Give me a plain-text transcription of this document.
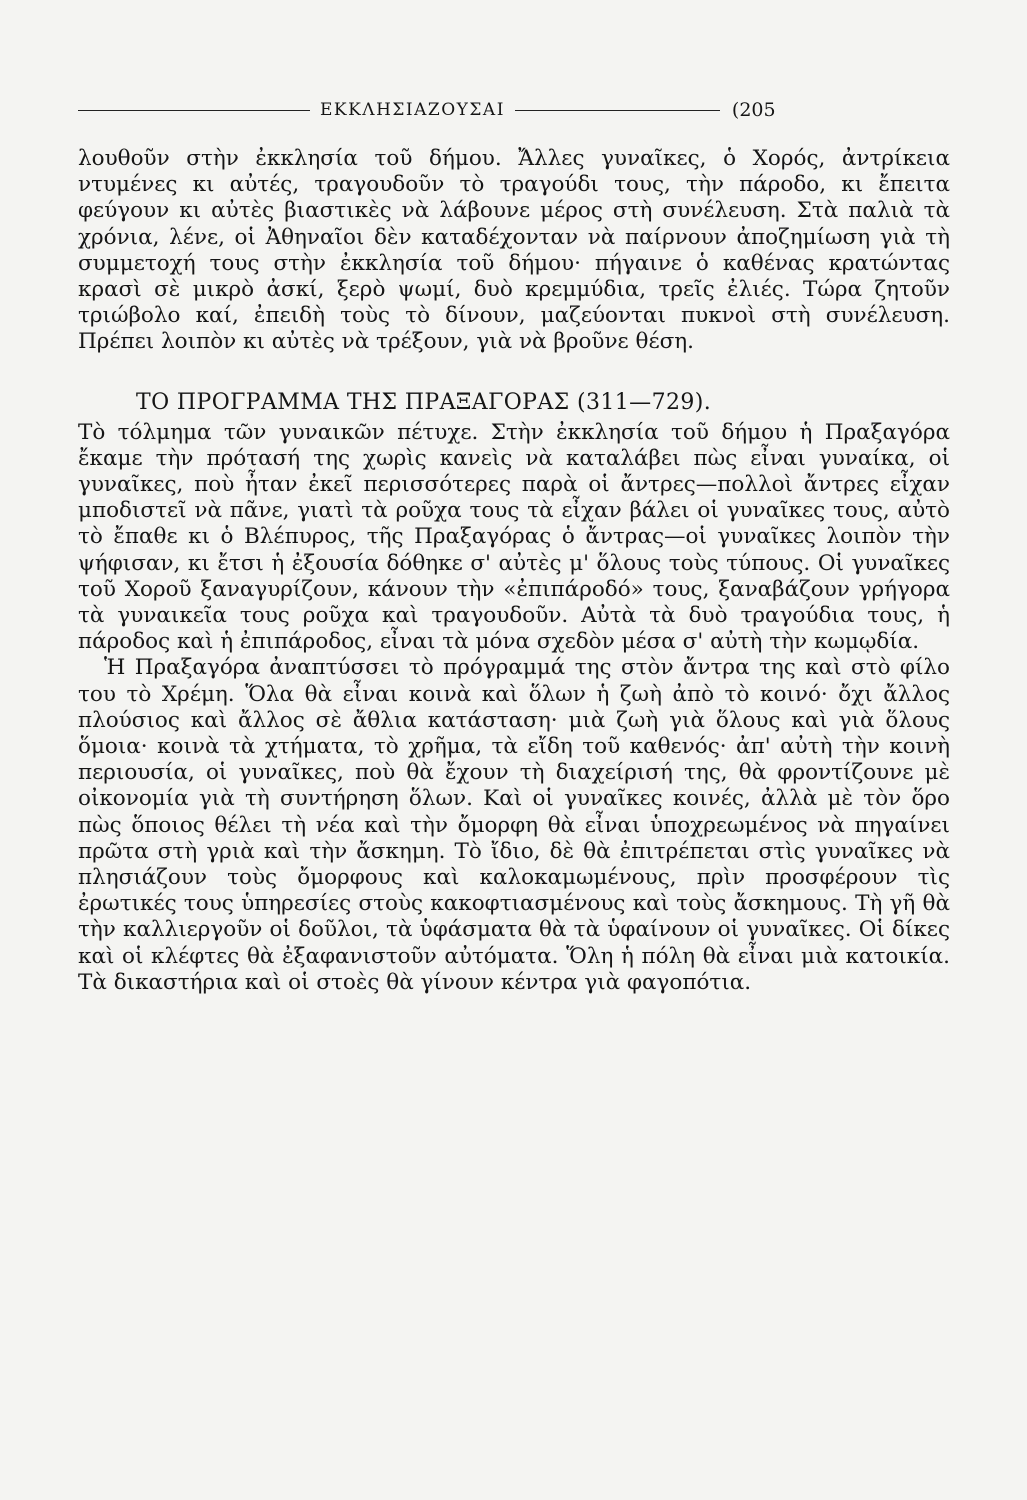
ΕΚΚΛΗΣΙΑΖΟΥΣΑΙ	(205

λουθοῦν στὴν ἐκκλησία τοῦ δήμου. Ἄλλες γυναῖκες, ὁ Χορός, ἀντρίκεια ντυμένες κι αὐτές, τραγουδοῦν τὸ τραγούδι τους, τὴν πάροδο, κι ἔπειτα φεύγουν κι αὐτὲς βιαστικὲς νὰ λάβουνε μέρος στὴ συνέλευση. Στὰ παλιὰ τὰ χρόνια, λένε, οἱ Ἀθηναῖοι δὲν καταδέχονταν νὰ παίρνουν ἀποζημίωση γιὰ τὴ συμμετοχή τους στὴν ἐκκλησία τοῦ δήμου· πήγαινε ὁ καθένας κρατώντας κρασὶ σὲ μικρὸ ἀσκί, ξερὸ ψωμί, δυὸ κρεμμύδια, τρεῖς ἐλιές. Τώρα ζητοῦν τριώβολο καί, ἐπειδὴ τοὺς τὸ δίνουν, μαζεύονται πυκνοὶ στὴ συνέλευση. Πρέπει λοιπὸν κι αὐτὲς νὰ τρέξουν, γιὰ νὰ βροῦνε θέση.

ΤΟ ΠΡΟΓΡΑΜΜΑ ΤΗΣ ΠΡΑΞΑΓΟΡΑΣ (311—729).

Τὸ τόλμημα τῶν γυναικῶν πέτυχε. Στὴν ἐκκλησία τοῦ δήμου ἡ Πραξαγόρα ἔκαμε τὴν πρότασή της χωρὶς κανεὶς νὰ καταλάβει πὼς εἶναι γυναίκα, οἱ γυναῖκες, ποὺ ἦταν ἐκεῖ περισσότερες παρὰ οἱ ἄντρες—πολλοὶ ἄντρες εἶχαν μποδιστεῖ νὰ πᾶνε, γιατὶ τὰ ροῦχα τους τὰ εἶχαν βάλει οἱ γυναῖκες τους, αὐτὸ τὸ ἔπαθε κι ὁ Βλέπυρος, τῆς Πραξαγόρας ὁ ἄντρας—οἱ γυναῖκες λοιπὸν τὴν ψήφισαν, κι ἔτσι ἡ ἐξουσία δόθηκε σ' αὐτὲς μ' ὅλους τοὺς τύπους. Οἱ γυναῖκες τοῦ Χοροῦ ξαναγυρίζουν, κάνουν τὴν «ἐπιπάροδό» τους, ξαναβάζουν γρήγορα τὰ γυναικεῖα τους ροῦχα καὶ τραγουδοῦν. Αὐτὰ τὰ δυὸ τραγούδια τους, ἡ πάροδος καὶ ἡ ἐπιπάροδος, εἶναι τὰ μόνα σχεδὸν μέσα σ' αὐτὴ τὴν κωμῳδία.

Ἡ Πραξαγόρα ἀναπτύσσει τὸ πρόγραμμά της στὸν ἄντρα της καὶ στὸ φίλο του τὸ Χρέμη. Ὅλα θὰ εἶναι κοινὰ καὶ ὅλων ἡ ζωὴ ἀπὸ τὸ κοινό· ὄχι ἄλλος πλούσιος καὶ ἄλλος σὲ ἄθλια κατάσταση· μιὰ ζωὴ γιὰ ὅλους καὶ γιὰ ὅλους ὅμοια· κοινὰ τὰ χτήματα, τὸ χρῆμα, τὰ εἴδη τοῦ καθενός· ἀπ' αὐτὴ τὴν κοινὴ περιουσία, οἱ γυναῖκες, ποὺ θὰ ἔχουν τὴ διαχείρισή της, θὰ φροντίζουνε μὲ οἰκονομία γιὰ τὴ συντήρηση ὅλων. Καὶ οἱ γυναῖκες κοινές, ἀλλὰ μὲ τὸν ὅρο πὼς ὅποιος θέλει τὴ νέα καὶ τὴν ὄμορφη θὰ εἶναι ὑποχρεωμένος νὰ πηγαίνει πρῶτα στὴ γριὰ καὶ τὴν ἄσκημη. Τὸ ἴδιο, δὲ θὰ ἐπιτρέπεται στὶς γυναῖκες νὰ πλησιάζουν τοὺς ὄμορφους καὶ καλοκαμωμένους, πρὶν προσφέρουν τὶς ἐρωτικές τους ὑπηρεσίες στοὺς κακοφτιασμένους καὶ τοὺς ἄσκημους. Τὴ γῆ θὰ τὴν καλλιεργοῦν οἱ δοῦλοι, τὰ ὑφάσματα θὰ τὰ ὑφαίνουν οἱ γυναῖκες. Οἱ δίκες καὶ οἱ κλέφτες θὰ ἐξαφανιστοῦν αὐτόματα. Ὅλη ἡ πόλη θὰ εἶναι μιὰ κατοικία. Τὰ δικαστήρια καὶ οἱ στοὲς θὰ γίνουν κέντρα γιὰ φαγοπότια.
